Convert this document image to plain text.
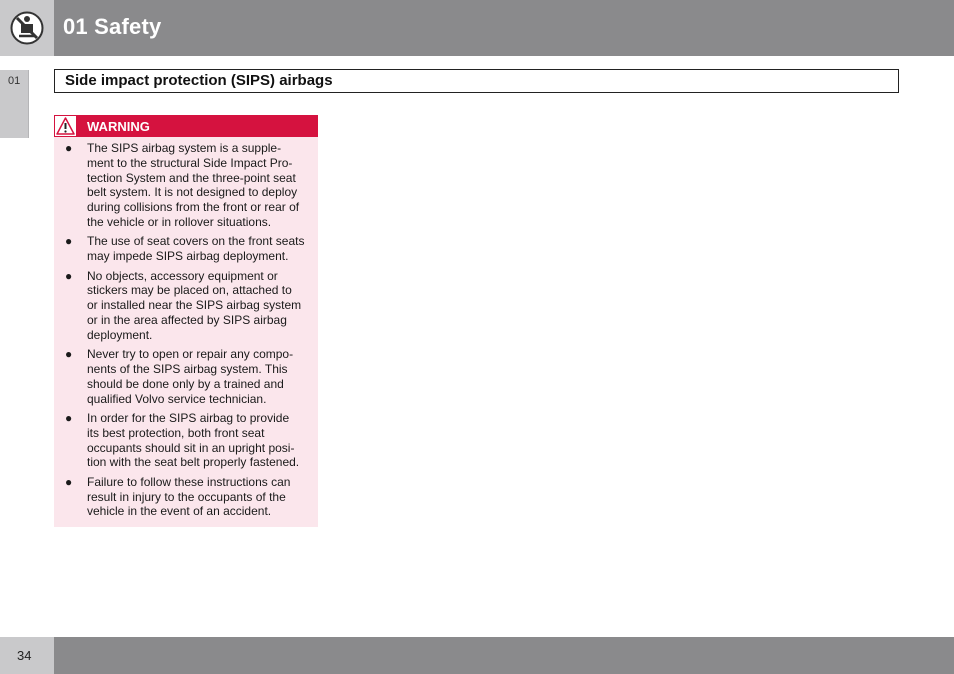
01 Safety
01	Side impact protection (SIPS) airbags
WARNING
● The SIPS airbag system is a supple-
ment to the structural Side Impact Pro-
tection System and the three-point seat
belt system. It is not designed to deploy
during collisions from the front or rear of
the vehicle or in rollover situations.
● The use of seat covers on the front seats
may impede SIPS airbag deployment.
● No objects, accessory equipment or
stickers may be placed on, attached to
or installed near the SIPS airbag system
or in the area affected by SIPS airbag
deployment.
● Never try to open or repair any compo-
nents of the SIPS airbag system. This
should be done only by a trained and
qualified Volvo service technician.
● In order for the SIPS airbag to provide
its best protection, both front seat
occupants should sit in an upright posi-
tion with the seat belt properly fastened.
● Failure to follow these instructions can
result in injury to the occupants of the
vehicle in the event of an accident.
34
